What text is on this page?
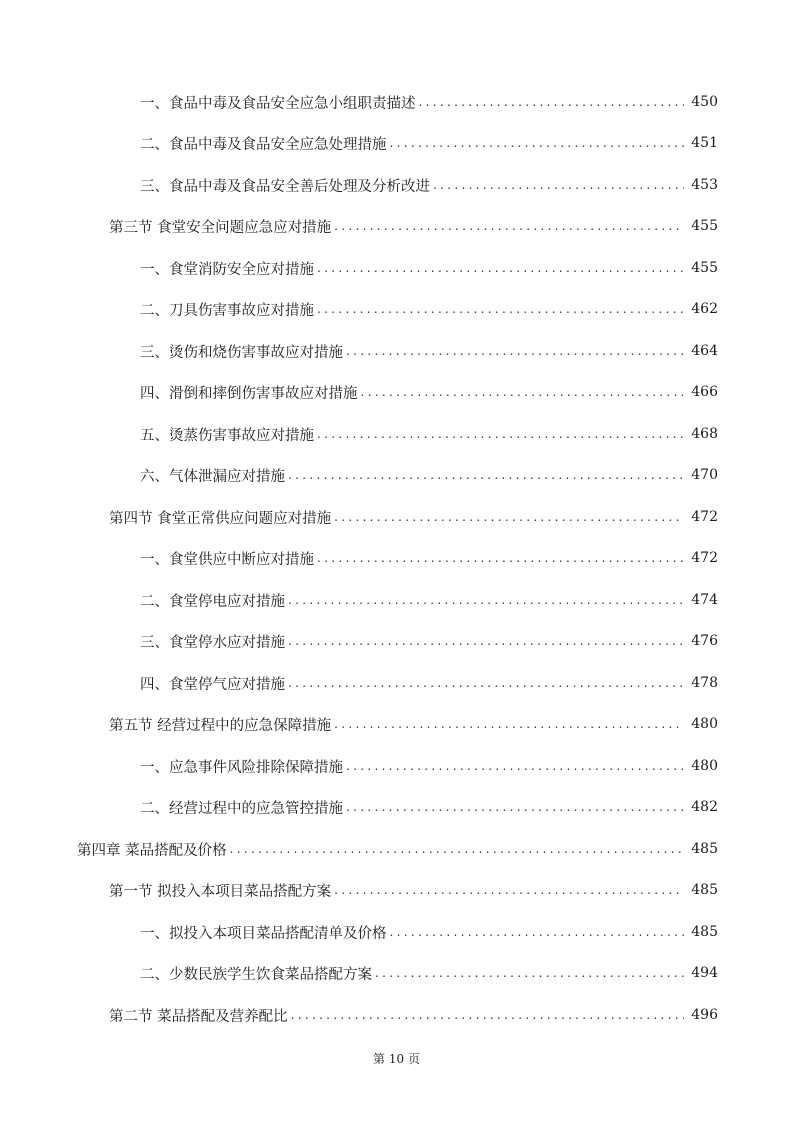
一、食品中毒及食品安全应急小组职责描述 .....	450
二、食品中毒及食品安全应急处理措施 .....	451
三、食品中毒及食品安全善后处理及分析改进 .....	453
第三节 食堂安全问题应急应对措施 .....	455
一、食堂消防安全应对措施 .....	455
二、刀具伤害事故应对措施 .....	462
三、烫伤和烧伤害事故应对措施 .....	464
四、滑倒和摔倒伤害事故应对措施 .....	466
五、烫蒸伤害事故应对措施 .....	468
六、气体泄漏应对措施 .....	470
第四节 食堂正常供应问题应对措施 .....	472
一、食堂供应中断应对措施 .....	472
二、食堂停电应对措施 .....	474
三、食堂停水应对措施 .....	476
四、食堂停气应对措施 .....	478
第五节 经营过程中的应急保障措施 .....	480
一、应急事件风险排除保障措施 .....	480
二、经营过程中的应急管控措施 .....	482
第四章 菜品搭配及价格 .....	485
第一节 拟投入本项目菜品搭配方案 .....	485
一、拟投入本项目菜品搭配清单及价格 .....	485
二、少数民族学生饮食菜品搭配方案 .....	494
第二节 菜品搭配及营养配比 .....	496
第 10 页
